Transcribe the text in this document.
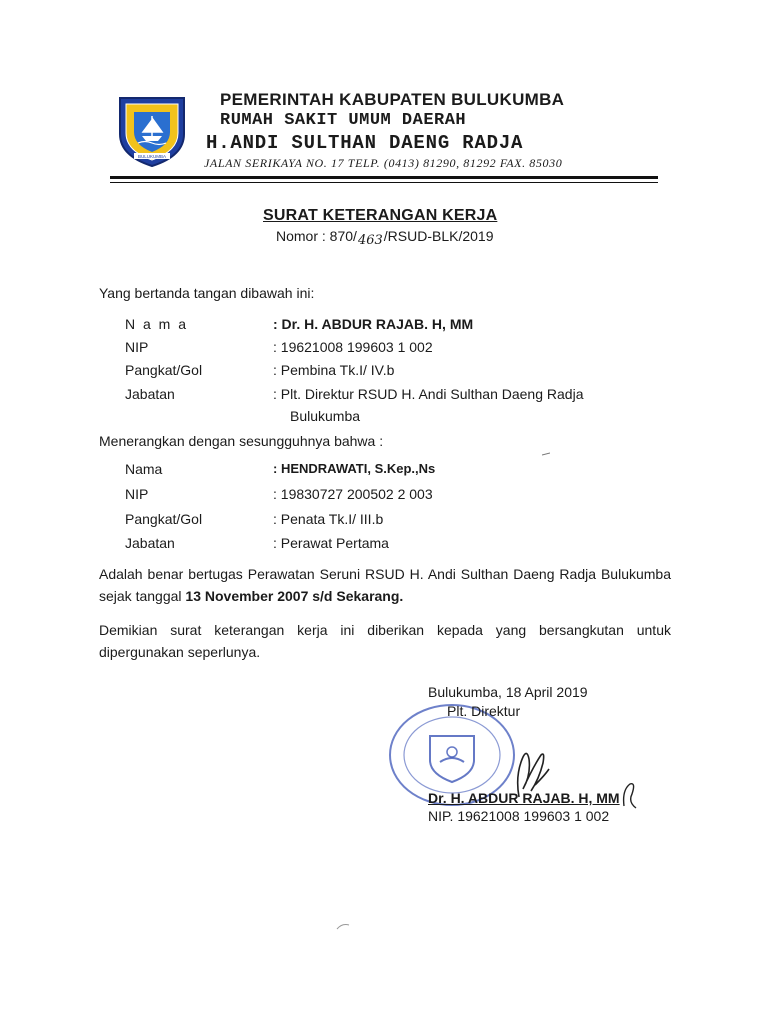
BULUKUMBA
PEMERINTAH KABUPATEN BULUKUMBA
RUMAH SAKIT UMUM DAERAH
H.ANDI SULTHAN DAENG RADJA
JALAN SERIKAYA NO. 17 TELP. (0413) 81290, 81292 FAX. 85030
SURAT KETERANGAN KERJA
Nomor : 870/463/RSUD-BLK/2019
Yang bertanda tangan dibawah ini:
N a m a	: Dr. H. ABDUR RAJAB. H, MM
NIP	: 19621008 199603 1 002
Pangkat/Gol	: Pembina Tk.I/ IV.b
Jabatan	: Plt. Direktur RSUD H. Andi Sulthan Daeng Radja
Bulukumba
Menerangkan dengan sesungguhnya bahwa :
Nama	: HENDRAWATI, S.Kep.,Ns
NIP	: 19830727 200502 2 003
Pangkat/Gol	: Penata Tk.I/ III.b
Jabatan	: Perawat Pertama
Adalah benar bertugas Perawatan Seruni RSUD H. Andi Sulthan Daeng Radja Bulukumba sejak tanggal 13 November 2007 s/d Sekarang.
Demikian surat keterangan kerja ini diberikan kepada yang bersangkutan untuk dipergunakan seperlunya.
Bulukumba, 18 April 2019
Plt. Direktur
Dr. H. ABDUR RAJAB. H, MM
NIP. 19621008 199603 1 002
